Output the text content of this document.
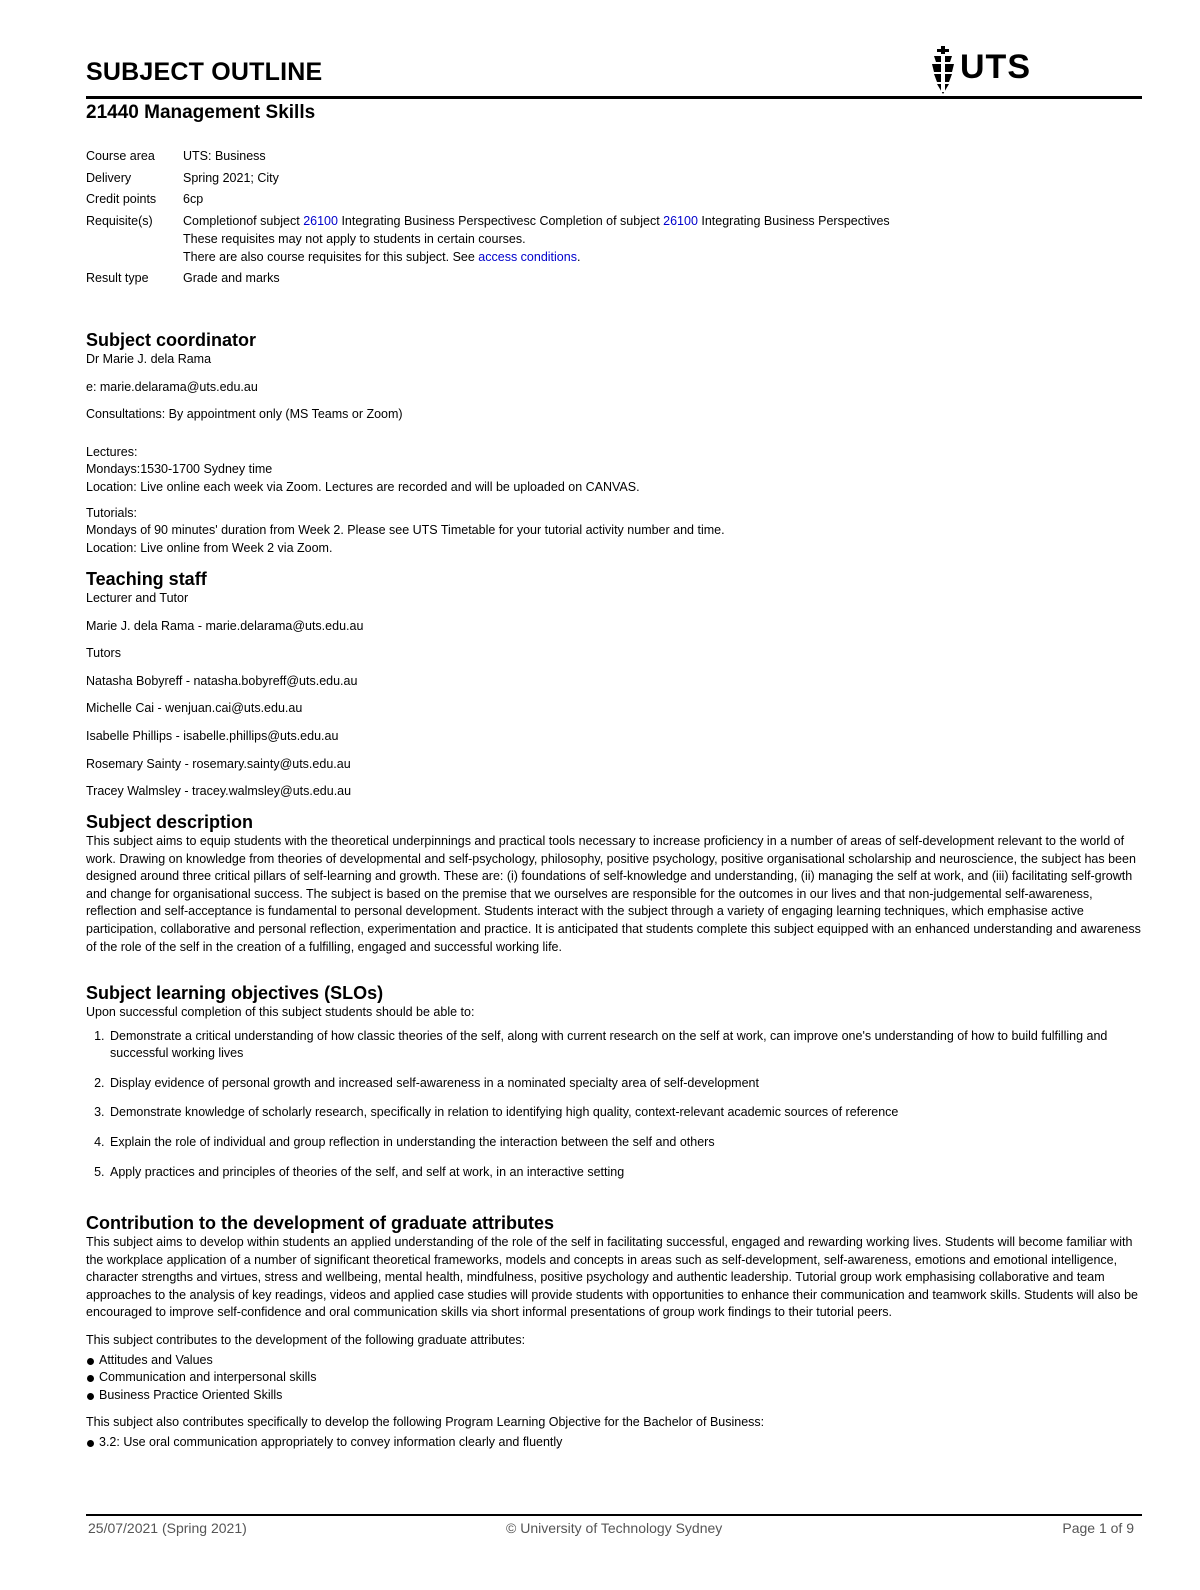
SUBJECT OUTLINE	UTS
21440 Management Skills
Course area	UTS: Business
Delivery	Spring 2021; City
Credit points	6cp
Requisite(s)	Completionof subject 26100 Integrating Business Perspectivesc Completion of subject 26100 Integrating Business Perspectives
These requisites may not apply to students in certain courses.
There are also course requisites for this subject. See access conditions.
Result type	Grade and marks
Subject coordinator

Dr Marie J. dela Rama

e: marie.delarama@uts.edu.au

Consultations: By appointment only (MS Teams or Zoom)

Lectures:

Mondays:1530-1700 Sydney time

Location: Live online each week via Zoom. Lectures are recorded and will be uploaded on CANVAS.

Tutorials:

Mondays of 90 minutes' duration from Week 2. Please see UTS Timetable for your tutorial activity number and time.

Location: Live online from Week 2 via Zoom.

Teaching staff

Lecturer and Tutor

Marie J. dela Rama - marie.delarama@uts.edu.au

Tutors

Natasha Bobyreff - natasha.bobyreff@uts.edu.au

Michelle Cai - wenjuan.cai@uts.edu.au

Isabelle Phillips - isabelle.phillips@uts.edu.au

Rosemary Sainty - rosemary.sainty@uts.edu.au

Tracey Walmsley - tracey.walmsley@uts.edu.au

Subject description

This subject aims to equip students with the theoretical underpinnings and practical tools necessary to increase proficiency in a number of areas of self-development relevant to the world of work. Drawing on knowledge from theories of developmental and self-psychology, philosophy, positive psychology, positive organisational scholarship and neuroscience, the subject has been designed around three critical pillars of self-learning and growth. These are: (i) foundations of self-knowledge and understanding, (ii) managing the self at work, and (iii) facilitating self-growth and change for organisational success. The subject is based on the premise that we ourselves are responsible for the outcomes in our lives and that non-judgemental self-awareness, reflection and self-acceptance is fundamental to personal development. Students interact with the subject through a variety of engaging learning techniques, which emphasise active participation, collaborative and personal reflection, experimentation and practice. It is anticipated that students complete this subject equipped with an enhanced understanding and awareness of the role of the self in the creation of a fulfilling, engaged and successful working life.

Subject learning objectives (SLOs)

Upon successful completion of this subject students should be able to:

1. Demonstrate a critical understanding of how classic theories of the self, along with current research on the self at work, can improve one's understanding of how to build fulfilling and successful working lives
2. Display evidence of personal growth and increased self-awareness in a nominated specialty area of self-development
3. Demonstrate knowledge of scholarly research, specifically in relation to identifying high quality, context-relevant academic sources of reference
4. Explain the role of individual and group reflection in understanding the interaction between the self and others
5. Apply practices and principles of theories of the self, and self at work, in an interactive setting
Contribution to the development of graduate attributes

This subject aims to develop within students an applied understanding of the role of the self in facilitating successful, engaged and rewarding working lives. Students will become familiar with the workplace application of a number of significant theoretical frameworks, models and concepts in areas such as self-development, self-awareness, emotions and emotional intelligence, character strengths and virtues, stress and wellbeing, mental health, mindfulness, positive psychology and authentic leadership. Tutorial group work emphasising collaborative and team approaches to the analysis of key readings, videos and applied case studies will provide students with opportunities to enhance their communication and teamwork skills. Students will also be encouraged to improve self-confidence and oral communication skills via short informal presentations of group work findings to their tutorial peers.

This subject contributes to the development of the following graduate attributes:

Attitudes and Values
Communication and interpersonal skills
Business Practice Oriented Skills

This subject also contributes specifically to develop the following Program Learning Objective for the Bachelor of Business:

3.2: Use oral communication appropriately to convey information clearly and fluently
25/07/2021 (Spring 2021)	© University of Technology Sydney	Page 1 of 9
